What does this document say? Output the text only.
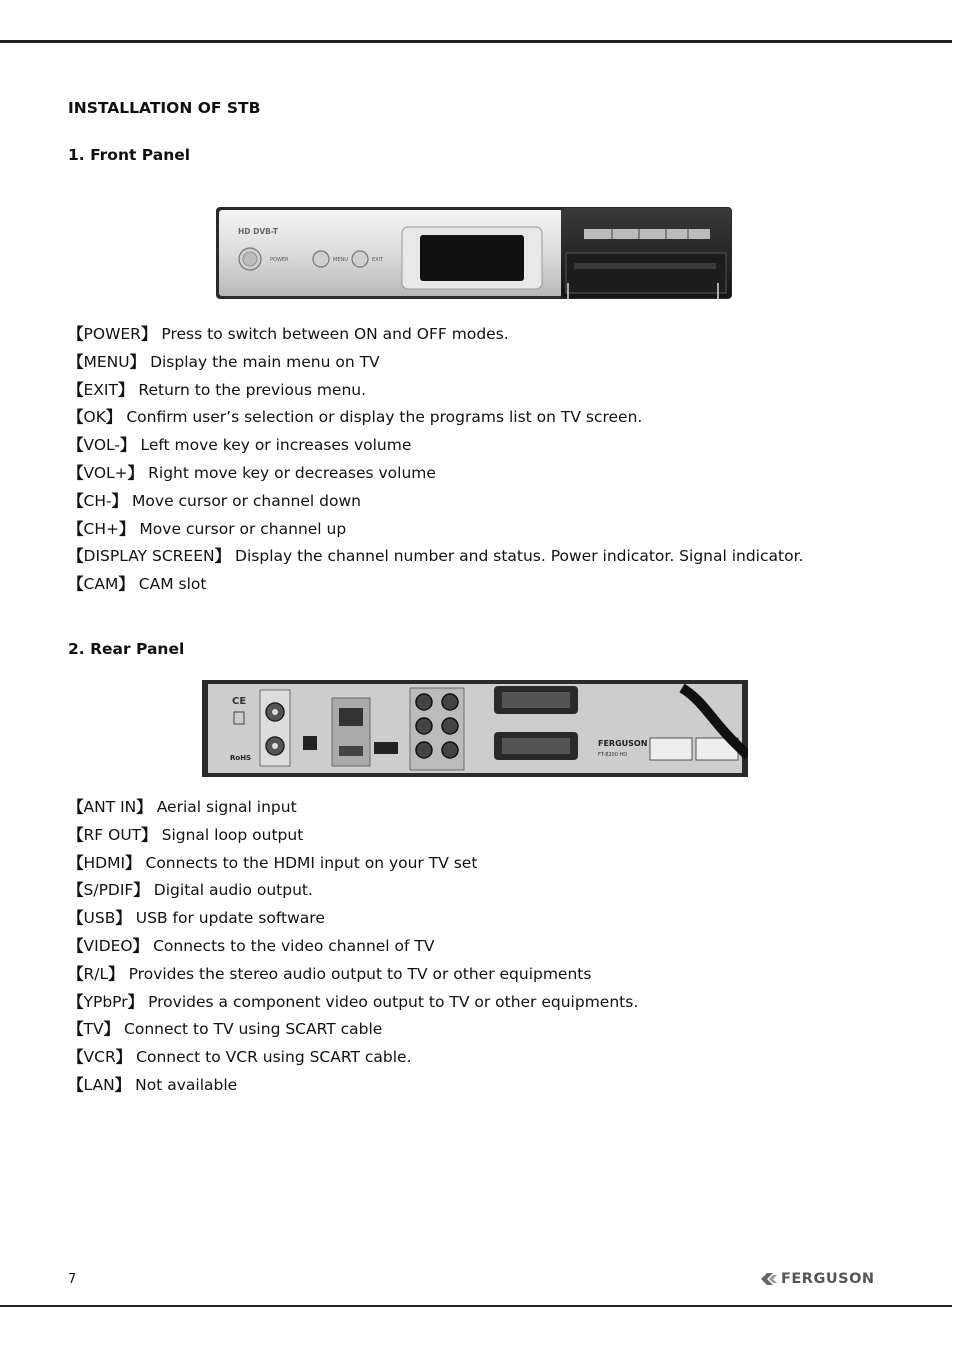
INSTALLATION OF STB
1. Front Panel
HD DVB-T
POWER	MENU	EXIT
【POWER】 Press to switch between ON and OFF modes.
【MENU】 Display the main menu on TV
【EXIT】 Return to the previous menu.
【OK】 Confirm user’s selection or display the programs list on TV screen.
【VOL-】 Left move key or increases volume
【VOL+】 Right move key or decreases volume
【CH-】 Move cursor or channel down
【CH+】 Move cursor or channel up
【DISPLAY SCREEN】 Display the channel number and status. Power indicator. Signal indicator.
【CAM】 CAM slot
2. Rear Panel
CE
RoHS
FERGUSON
FT-8200 HD
【ANT IN】 Aerial signal input
【RF OUT】 Signal loop output
【HDMI】 Connects to the HDMI input on your TV set
【S/PDIF】 Digital audio output.
【USB】 USB for update software
【VIDEO】 Connects to the video channel of TV
【R/L】 Provides the stereo audio output to TV or other equipments
【YPbPr】 Provides a component video output to TV or other equipments.
【TV】 Connect to TV using SCART cable
【VCR】 Connect to VCR using SCART cable.
【LAN】 Not available
7	FERGUSON
